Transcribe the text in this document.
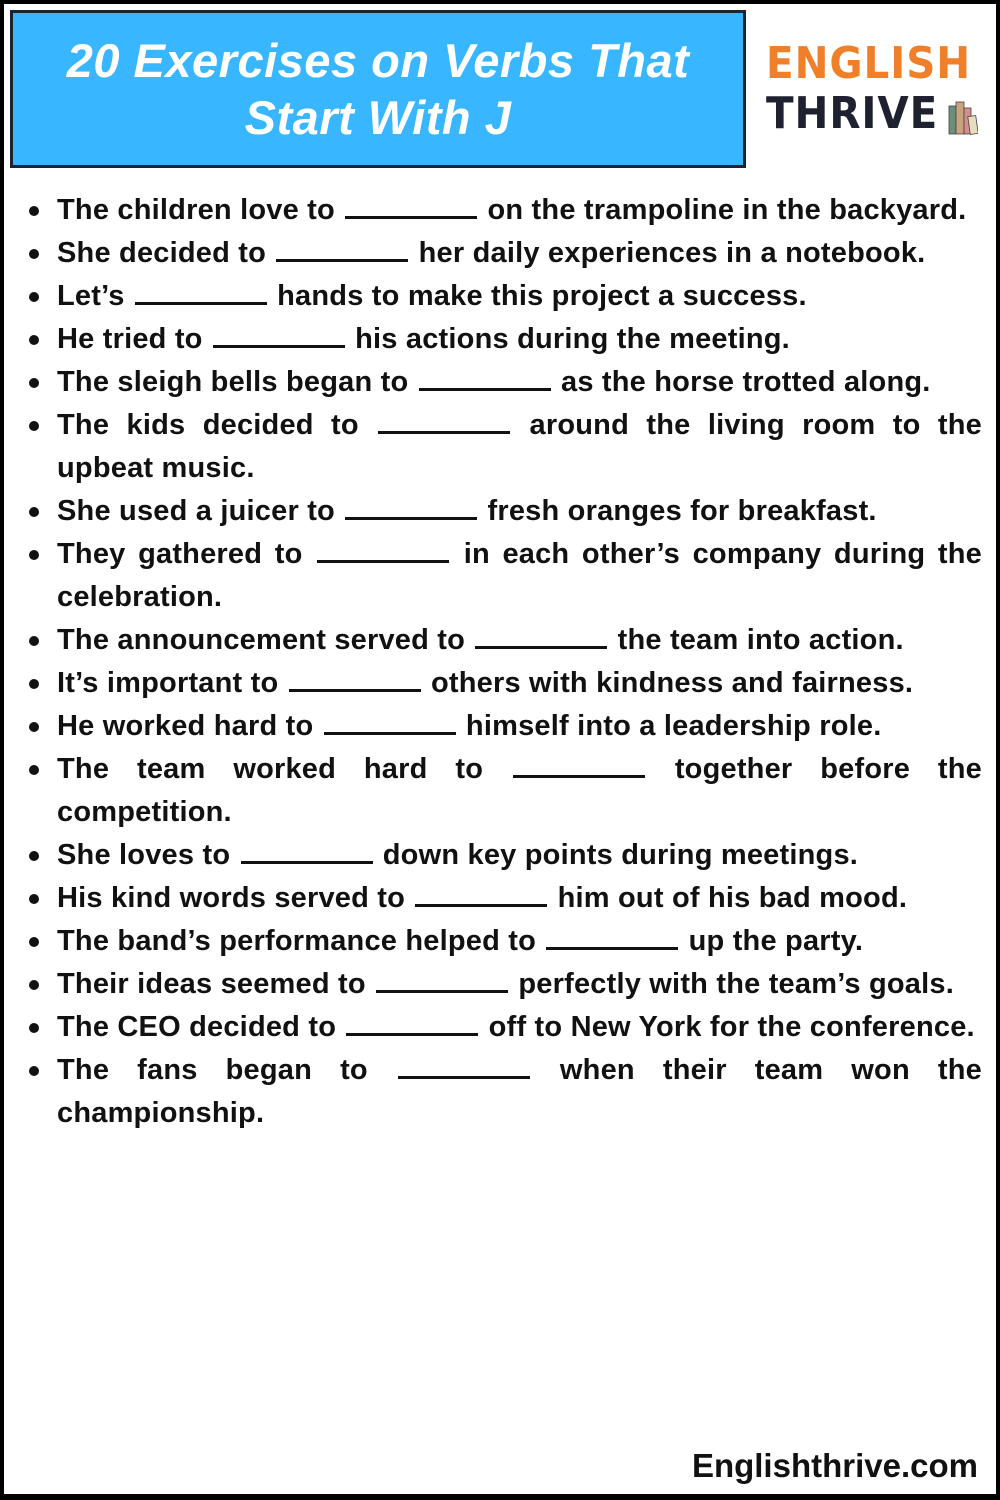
20 Exercises on Verbs That Start With J
ENGLISH
THRIVE
The children love to	on the trampoline in the backyard.
She decided to	her daily experiences in a notebook.
Let’s	hands to make this project a success.
He tried to	his actions during the meeting.
The sleigh bells began to	as the horse trotted along.
The kids decided to	around the living room to the upbeat music.
She used a juicer to	fresh oranges for breakfast.
They gathered to	in each other’s company during the celebration.
The announcement served to	the team into action.
It’s important to	others with kindness and fairness.
He worked hard to	himself into a leadership role.
The team worked hard to	together before the competition.
She loves to	down key points during meetings.
His kind words served to	him out of his bad mood.
The band’s performance helped to	up the party.
Their ideas seemed to	perfectly with the team’s goals.
The CEO decided to	off to New York for the conference.
The fans began to	when their team won the championship.
Englishthrive.com
